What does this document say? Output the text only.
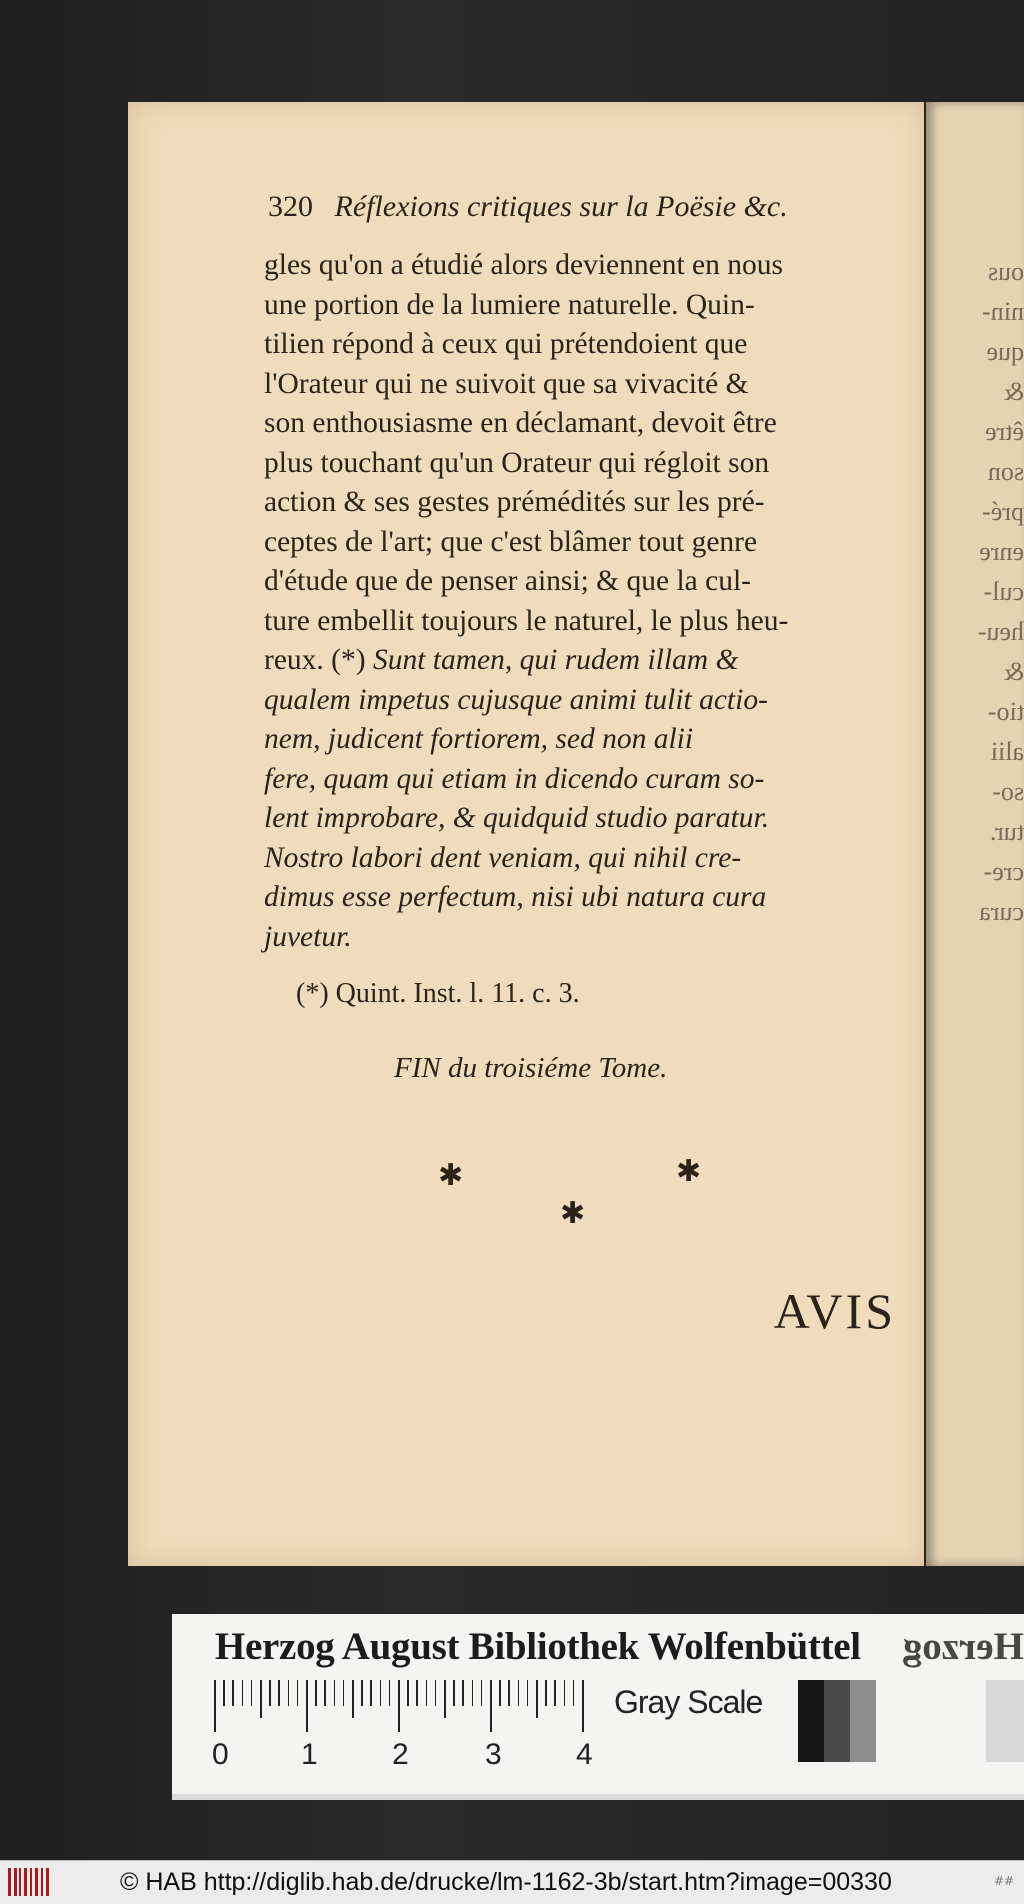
ous
nin-
que
&
être
son
pré-
enre
cul-
heu-
&
tio-
alii
so-
tur.
cre-
cura
320 Réflexions critiques sur la Poësie &c.

gles qu'on a étudié alors deviennent en nous

une portion de la lumiere naturelle. Quin-

tilien répond à ceux qui prétendoient que

l'Orateur qui ne suivoit que sa vivacité &

son enthousiasme en déclamant, devoit être

plus touchant qu'un Orateur qui régloit son

action & ses gestes prémédités sur les pré-

ceptes de l'art; que c'est blâmer tout genre

d'étude que de penser ainsi; & que la cul-

ture embellit toujours le naturel, le plus heu-

reux. (*) Sunt tamen, qui rudem illam &

qualem impetus cujusque animi tulit actio-

nem, judicent fortiorem, sed non alii

fere, quam qui etiam in dicendo curam so-

lent improbare, & quidquid studio paratur.

Nostro labori dent veniam, qui nihil cre-

dimus esse perfectum, nisi ubi natura cura

juvetur.

(*) Quint. Inst. l. 11. c. 3.
FIN du troisiéme Tome.
✱	✱
✱
AVIS
Herzog August Bibliothek Wolfenbüttel	Herzog
0 1 2	3 4
Gray Scale
© HAB http://diglib.hab.de/drucke/lm-1162-3b/start.htm?image=00330	##
